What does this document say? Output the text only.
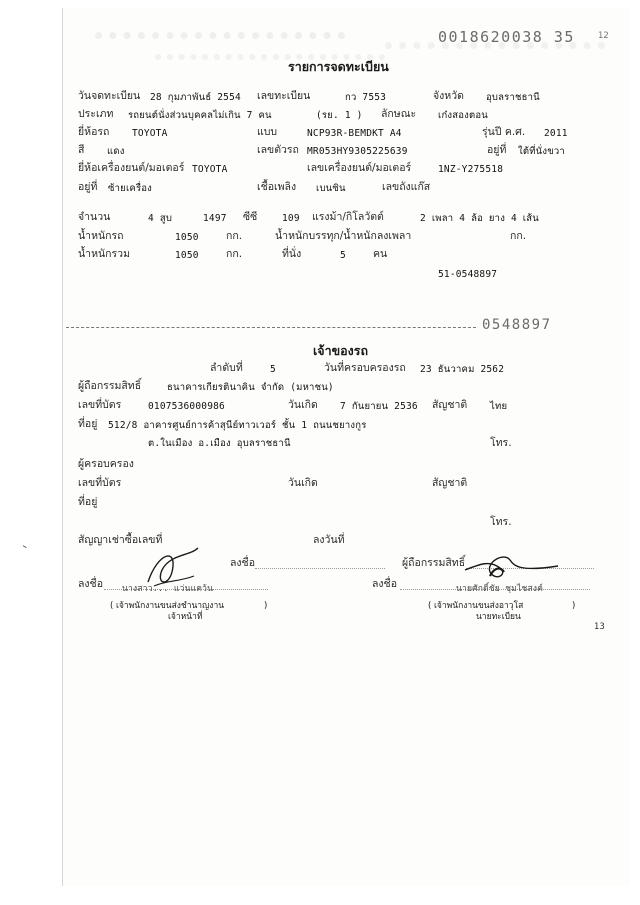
0018620038 35	12
รายการจดทะเบียน
วันจดทะเบียน 28 กุมภาพันธ์ 2554 เลขทะเบียน	กว 7553	จังหวัด อุบลราชธานี
ประเภท รถยนต์นั่งส่วนบุคคลไม่เกิน 7 คน	(รย. 1 ) ลักษณะ เก๋งสองตอน
ยี่ห้อรถ TOYOTA	แบบ	NCP93R-BEMDKT A4	รุ่นปี ค.ศ. 2011
สี แดง	เลขตัวรถ MR053HY9305225639	อยู่ที่ ใต้ที่นั่งขวา
ยี่ห้อเครื่องยนต์/มอเตอร์ TOYOTA	เลขเครื่องยนต์/มอเตอร์	1NZ-Y275518
อยู่ที่ ซ้ายเครื่อง	เชื้อเพลิง เบนซิน	เลขถังแก๊ส
จำนวน	4 สูบ	1497 ซีซี	109 แรงม้า/กิโลวัตต์	2 เพลา 4 ล้อ ยาง 4 เส้น
น้ำหนักรถ	1050	กก.	น้ำหนักบรรทุก/น้ำหนักลงเพลา	กก.
น้ำหนักรวม	1050	กก.	ที่นั่ง	5	คน
51-0548897
0548897
เจ้าของรถ
ลำดับที่	5	วันที่ครอบครองรถ 23 ธันวาคม 2562
ผู้ถือกรรมสิทธิ์	ธนาคารเกียรตินาคิน จำกัด (มหาชน)
เลขที่บัตร	0107536000986	วันเกิด 7 กันยายน 2536 สัญชาติ ไทย
ที่อยู่ 512/8 อาคารศูนย์การค้าสุนีย์ทาวเวอร์ ชั้น 1 ถนนชยางกูร
ต.ในเมือง อ.เมือง อุบลราชธานี	โทร.
ผู้ครอบครอง
เลขที่บัตร	วันเกิด	สัญชาติ
ที่อยู่
โทร.
สัญญาเช่าซื้อเลขที่	ลงวันที่
ลงชื่อ	ผู้ถือกรรมสิทธิ์
ลงชื่อ	ลงชื่อ
นางสาว... แว่นแคว้น	นายศักดิ์ชัย ชุมไชสงค์
( เจ้าพนักงานขนส่งชำนาญงาน	)
เจ้าหน้าที่
( เจ้าพนักงานขนส่งอาวุโส	)
นายทะเบียน
13
